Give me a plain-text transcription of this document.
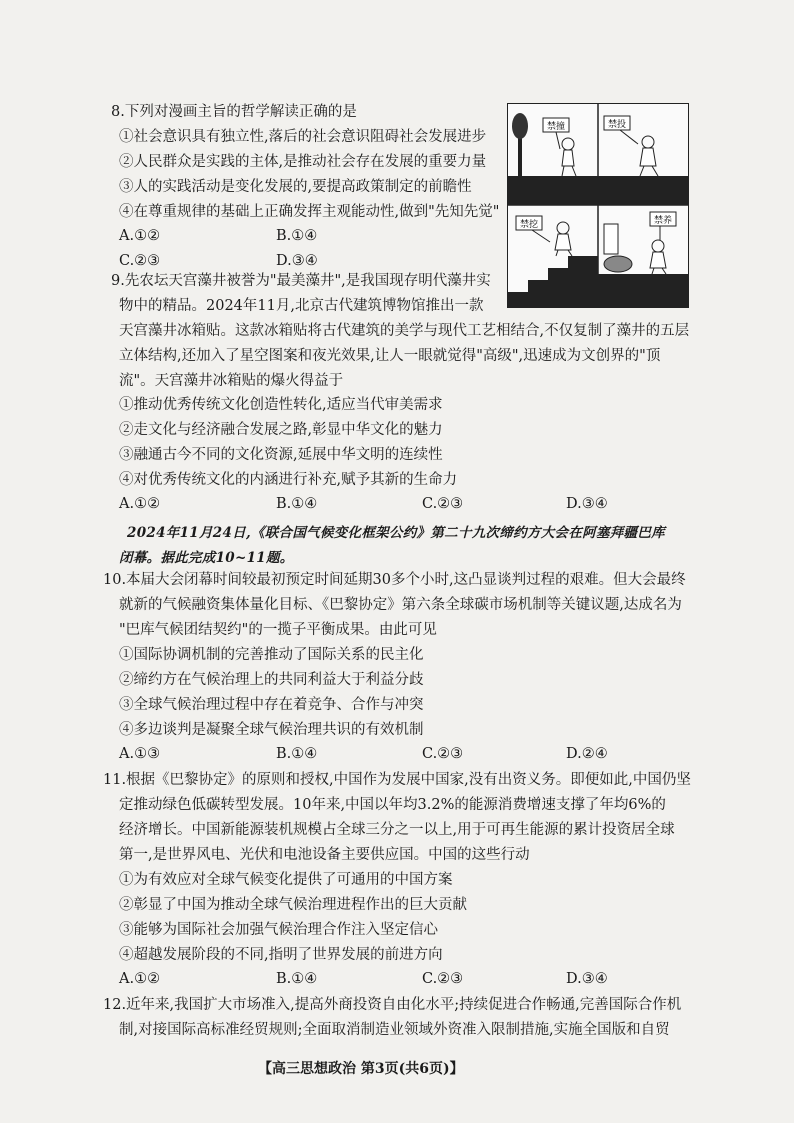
8.下列对漫画主旨的哲学解读正确的是
①社会意识具有独立性,落后的社会意识阻碍社会发展进步
②人民群众是实践的主体,是推动社会存在发展的重要力量
③人的实践活动是变化发展的,要提高政策制定的前瞻性
④在尊重规律的基础上正确发挥主观能动性,做到"先知先觉"
A.①②	B.①④
C.②③	D.③④
禁撞	禁投
禁挖	禁养
9.先农坛天宫藻井被誉为"最美藻井",是我国现存明代藻井实
物中的精品。2024年11月,北京古代建筑博物馆推出一款
天宫藻井冰箱贴。这款冰箱贴将古代建筑的美学与现代工艺相结合,不仅复制了藻井的五层
立体结构,还加入了星空图案和夜光效果,让人一眼就觉得"高级",迅速成为文创界的"顶
流"。天宫藻井冰箱贴的爆火得益于
①推动优秀传统文化创造性转化,适应当代审美需求
②走文化与经济融合发展之路,彰显中华文化的魅力
③融通古今不同的文化资源,延展中华文明的连续性
④对优秀传统文化的内涵进行补充,赋予其新的生命力
A.①②	B.①④	C.②③	D.③④
2024年11月24日,《联合国气候变化框架公约》第二十九次缔约方大会在阿塞拜疆巴库
闭幕。据此完成10~11题。
10.本届大会闭幕时间较最初预定时间延期30多个小时,这凸显谈判过程的艰难。但大会最终
就新的气候融资集体量化目标、《巴黎协定》第六条全球碳市场机制等关键议题,达成名为
"巴库气候团结契约"的一揽子平衡成果。由此可见
①国际协调机制的完善推动了国际关系的民主化
②缔约方在气候治理上的共同利益大于利益分歧
③全球气候治理过程中存在着竞争、合作与冲突
④多边谈判是凝聚全球气候治理共识的有效机制
A.①③	B.①④	C.②③	D.②④
11.根据《巴黎协定》的原则和授权,中国作为发展中国家,没有出资义务。即便如此,中国仍坚
定推动绿色低碳转型发展。10年来,中国以年均3.2%的能源消费增速支撑了年均6%的
经济增长。中国新能源装机规模占全球三分之一以上,用于可再生能源的累计投资居全球
第一,是世界风电、光伏和电池设备主要供应国。中国的这些行动
①为有效应对全球气候变化提供了可通用的中国方案
②彰显了中国为推动全球气候治理进程作出的巨大贡献
③能够为国际社会加强气候治理合作注入坚定信心
④超越发展阶段的不同,指明了世界发展的前进方向
A.①②	B.①④	C.②③	D.③④
12.近年来,我国扩大市场准入,提高外商投资自由化水平;持续促进合作畅通,完善国际合作机
制,对接国际高标准经贸规则;全面取消制造业领域外资准入限制措施,实施全国版和自贸
【高三思想政治 第3页(共6页)】
